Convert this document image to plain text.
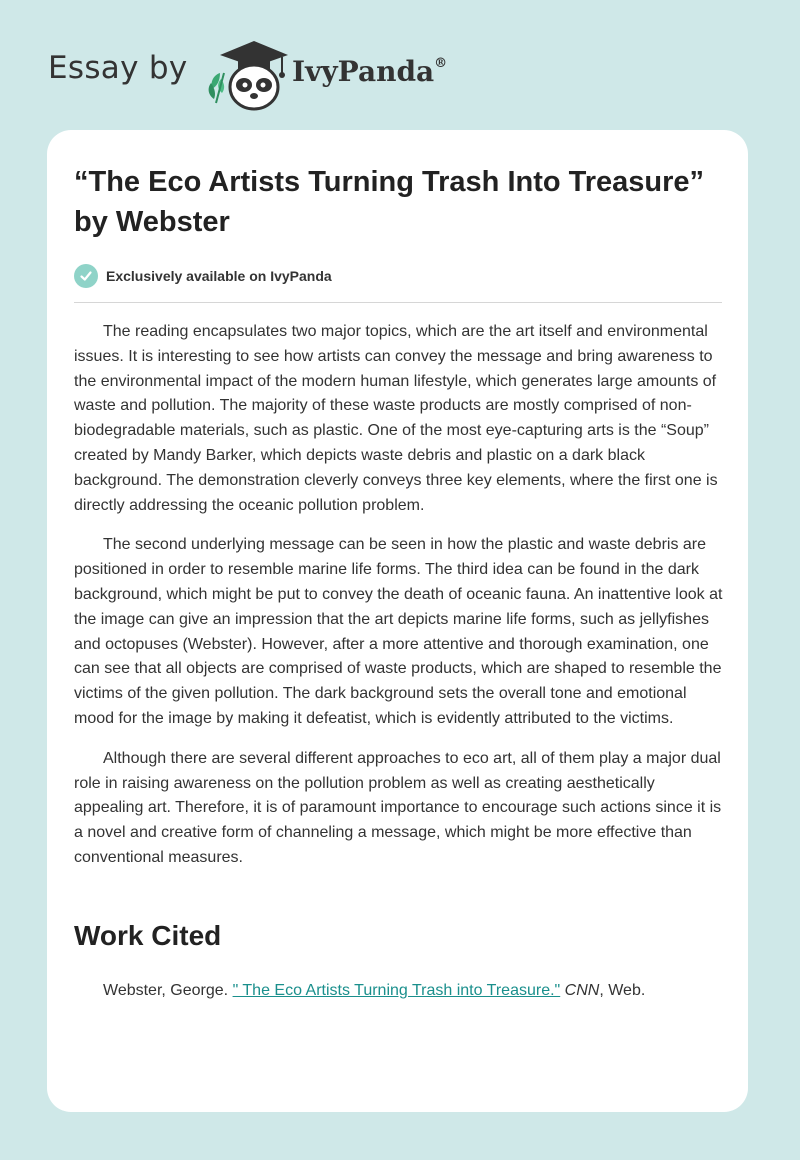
Essay by	IvyPanda®
“The Eco Artists Turning Trash Into Treasure” by Webster
Exclusively available on IvyPanda

The reading encapsulates two major topics, which are the art itself and environmental issues. It is interesting to see how artists can convey the message and bring awareness to the environmental impact of the modern human lifestyle, which generates large amounts of waste and pollution. The majority of these waste products are mostly comprised of non-biodegradable materials, such as plastic. One of the most eye-capturing arts is the “Soup” created by Mandy Barker, which depicts waste debris and plastic on a dark black background. The demonstration cleverly conveys three key elements, where the first one is directly addressing the oceanic pollution problem.

The second underlying message can be seen in how the plastic and waste debris are positioned in order to resemble marine life forms. The third idea can be found in the dark background, which might be put to convey the death of oceanic fauna. An inattentive look at the image can give an impression that the art depicts marine life forms, such as jellyfishes and octopuses (Webster). However, after a more attentive and thorough examination, one can see that all objects are comprised of waste products, which are shaped to resemble the victims of the given pollution. The dark background sets the overall tone and emotional mood for the image by making it defeatist, which is evidently attributed to the victims.

Although there are several different approaches to eco art, all of them play a major dual role in raising awareness on the pollution problem as well as creating aesthetically appealing art. Therefore, it is of paramount importance to encourage such actions since it is a novel and creative form of channeling a message, which might be more effective than conventional measures.

Work Cited
Webster, George. " The Eco Artists Turning Trash into Treasure." CNN, Web.
